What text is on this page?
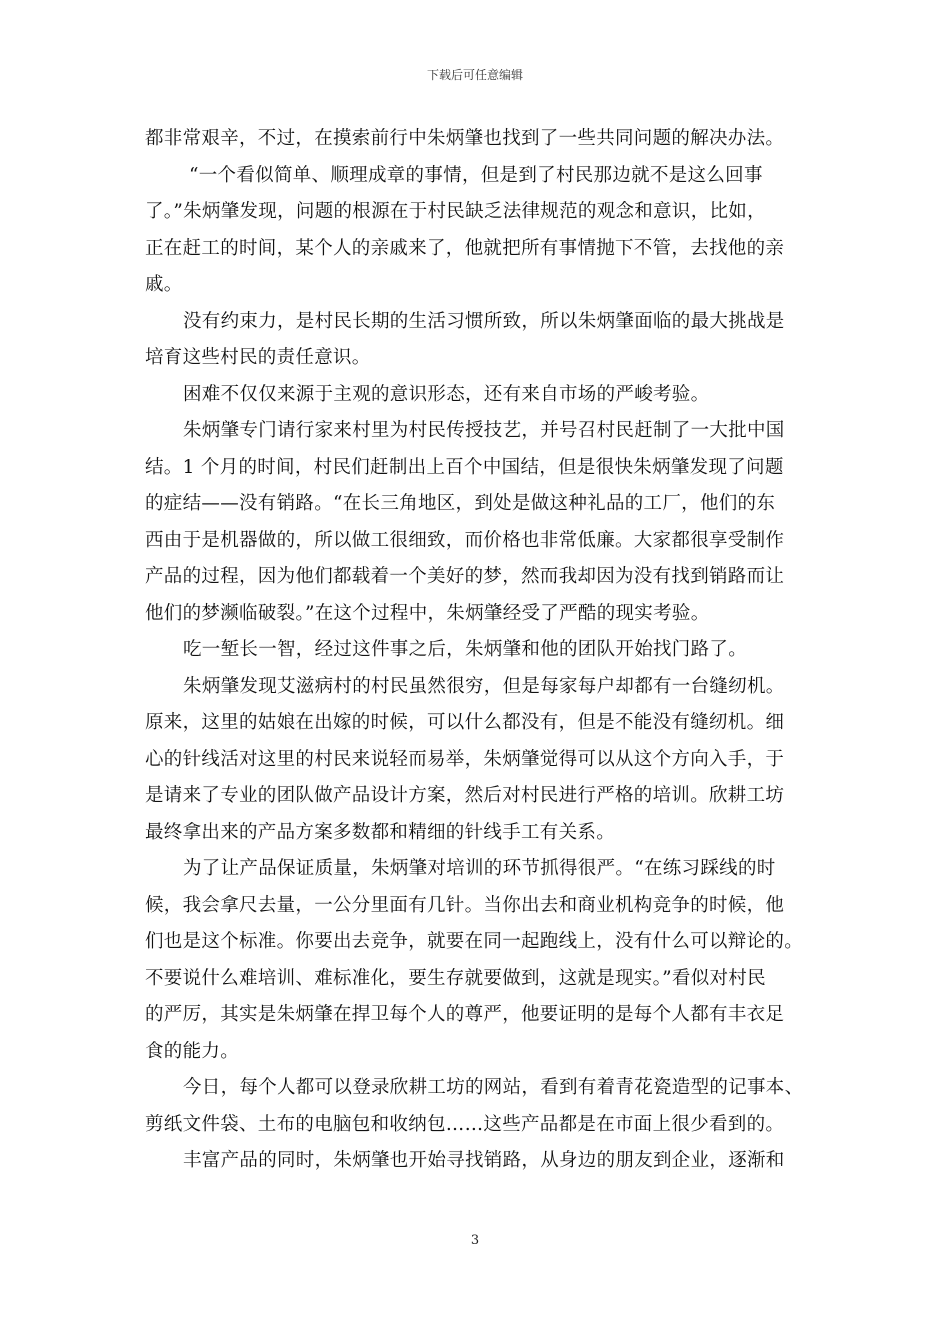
下载后可任意编辑
都非常艰辛，不过，在摸索前行中朱炳肇也找到了一些共同问题的解决办法。
“一个看似简单、顺理成章的事情，但是到了村民那边就不是这么回事
了。”朱炳肇发现，问题的根源在于村民缺乏法律规范的观念和意识，比如，
正在赶工的时间，某个人的亲戚来了，他就把所有事情抛下不管，去找他的亲
戚。
没有约束力，是村民长期的生活习惯所致，所以朱炳肇面临的最大挑战是
培育这些村民的责任意识。
困难不仅仅来源于主观的意识形态，还有来自市场的严峻考验。
朱炳肇专门请行家来村里为村民传授技艺，并号召村民赶制了一大批中国
结。1 个月的时间，村民们赶制出上百个中国结，但是很快朱炳肇发现了问题
的症结——没有销路。“在长三角地区，到处是做这种礼品的工厂，他们的东
西由于是机器做的，所以做工很细致，而价格也非常低廉。大家都很享受制作
产品的过程，因为他们都载着一个美好的梦，然而我却因为没有找到销路而让
他们的梦濒临破裂。”在这个过程中，朱炳肇经受了严酷的现实考验。
吃一堑长一智，经过这件事之后，朱炳肇和他的团队开始找门路了。
朱炳肇发现艾滋病村的村民虽然很穷，但是每家每户却都有一台缝纫机。
原来，这里的姑娘在出嫁的时候，可以什么都没有，但是不能没有缝纫机。细
心的针线活对这里的村民来说轻而易举，朱炳肇觉得可以从这个方向入手，于
是请来了专业的团队做产品设计方案，然后对村民进行严格的培训。欣耕工坊
最终拿出来的产品方案多数都和精细的针线手工有关系。
为了让产品保证质量，朱炳肇对培训的环节抓得很严。“在练习踩线的时
候，我会拿尺去量，一公分里面有几针。当你出去和商业机构竞争的时候，他
们也是这个标准。你要出去竞争，就要在同一起跑线上，没有什么可以辩论的。
不要说什么难培训、难标准化，要生存就要做到，这就是现实。”看似对村民
的严厉，其实是朱炳肇在捍卫每个人的尊严，他要证明的是每个人都有丰衣足
食的能力。
今日，每个人都可以登录欣耕工坊的网站，看到有着青花瓷造型的记事本、
剪纸文件袋、土布的电脑包和收纳包……这些产品都是在市面上很少看到的。
丰富产品的同时，朱炳肇也开始寻找销路，从身边的朋友到企业，逐渐和
3
